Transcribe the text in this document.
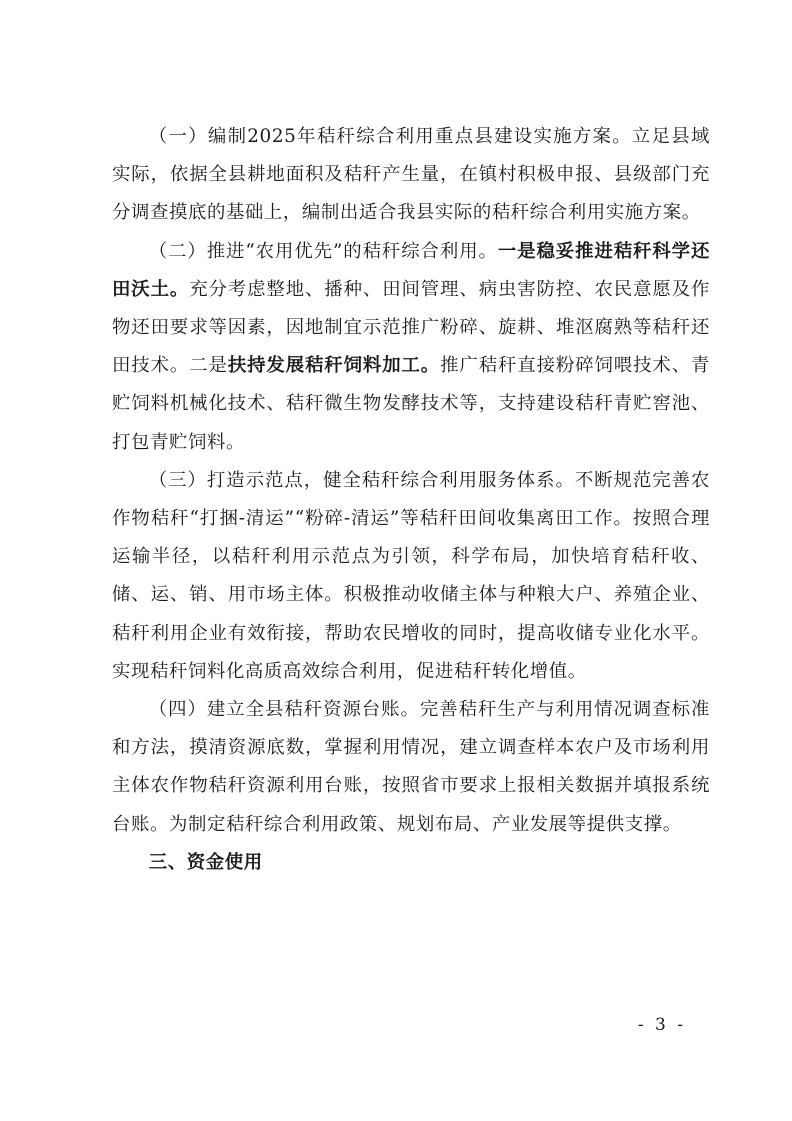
（一）编制2025年秸秆综合利用重点县建设实施方案。立足县域实际，依据全县耕地面积及秸秆产生量，在镇村积极申报、县级部门充分调查摸底的基础上，编制出适合我县实际的秸秆综合利用实施方案。

（二）推进“农用优先”的秸秆综合利用。一是稳妥推进秸秆科学还田沃土。充分考虑整地、播种、田间管理、病虫害防控、农民意愿及作物还田要求等因素，因地制宜示范推广粉碎、旋耕、堆沤腐熟等秸秆还田技术。二是扶持发展秸秆饲料加工。推广秸秆直接粉碎饲喂技术、青贮饲料机械化技术、秸秆微生物发酵技术等，支持建设秸秆青贮窖池、打包青贮饲料。

（三）打造示范点，健全秸秆综合利用服务体系。不断规范完善农作物秸秆“打捆-清运”“粉碎-清运”等秸秆田间收集离田工作。按照合理运输半径，以秸秆利用示范点为引领，科学布局，加快培育秸秆收、储、运、销、用市场主体。积极推动收储主体与种粮大户、养殖企业、秸秆利用企业有效衔接，帮助农民增收的同时，提高收储专业化水平。实现秸秆饲料化高质高效综合利用，促进秸秆转化增值。

（四）建立全县秸秆资源台账。完善秸秆生产与利用情况调查标准和方法，摸清资源底数，掌握利用情况，建立调查样本农户及市场利用主体农作物秸秆资源利用台账，按照省市要求上报相关数据并填报系统台账。为制定秸秆综合利用政策、规划布局、产业发展等提供支撑。

三、资金使用

- 3 -
